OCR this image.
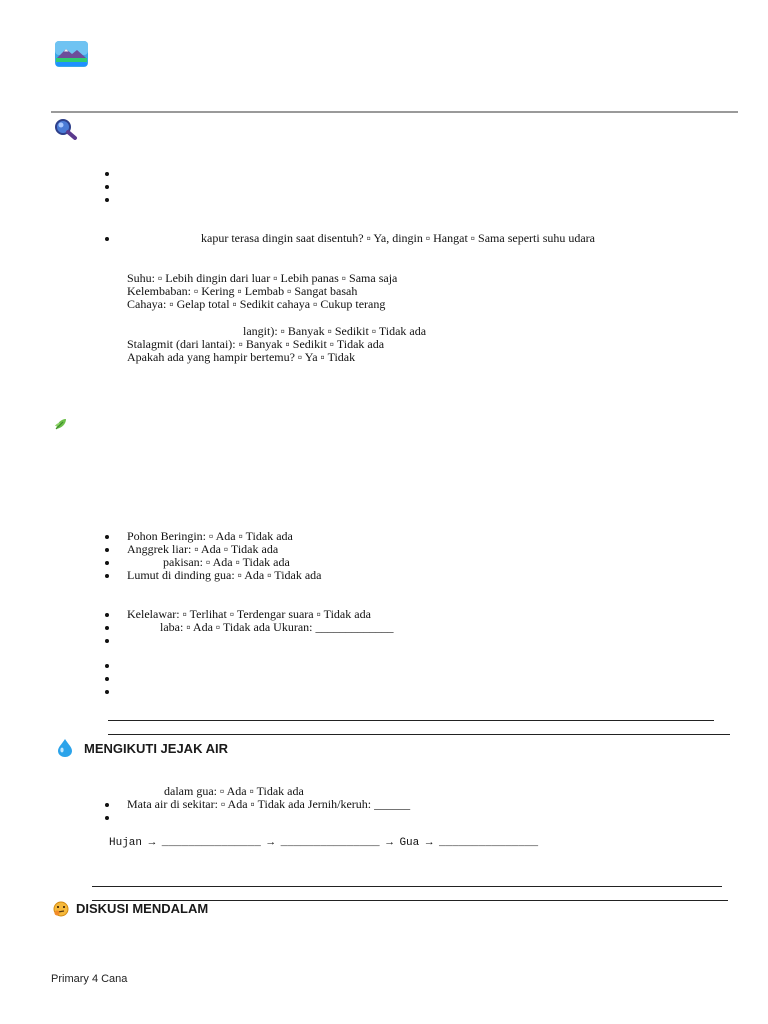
kapur terasa dingin saat disentuh? ▫ Ya, dingin ▫ Hangat ▫ Sama seperti suhu udara
Suhu: ▫ Lebih dingin dari luar ▫ Lebih panas ▫ Sama saja
Kelembaban: ▫ Kering ▫ Lembab ▫ Sangat basah
Cahaya: ▫ Gelap total ▫ Sedikit cahaya ▫ Cukup terang
langit): ▫ Banyak ▫ Sedikit ▫ Tidak ada
Stalagmit (dari lantai): ▫ Banyak ▫ Sedikit ▫ Tidak ada
Apakah ada yang hampir bertemu? ▫ Ya ▫ Tidak
Pohon Beringin: ▫ Ada ▫ Tidak ada
Anggrek liar: ▫ Ada ▫ Tidak ada
pakisan: ▫ Ada ▫ Tidak ada
Lumut di dinding gua: ▫ Ada ▫ Tidak ada
Kelelawar: ▫ Terlihat ▫ Terdengar suara ▫ Tidak ada
laba: ▫ Ada ▫ Tidak ada Ukuran: _____________
MENGIKUTI JEJAK AIR
dalam gua: ▫ Ada ▫ Tidak ada
Mata air di sekitar: ▫ Ada ▫ Tidak ada Jernih/keruh: ______
Hujan → _______________ → _______________ → Gua → _______________
DISKUSI MENDALAM
Primary 4 Cana
